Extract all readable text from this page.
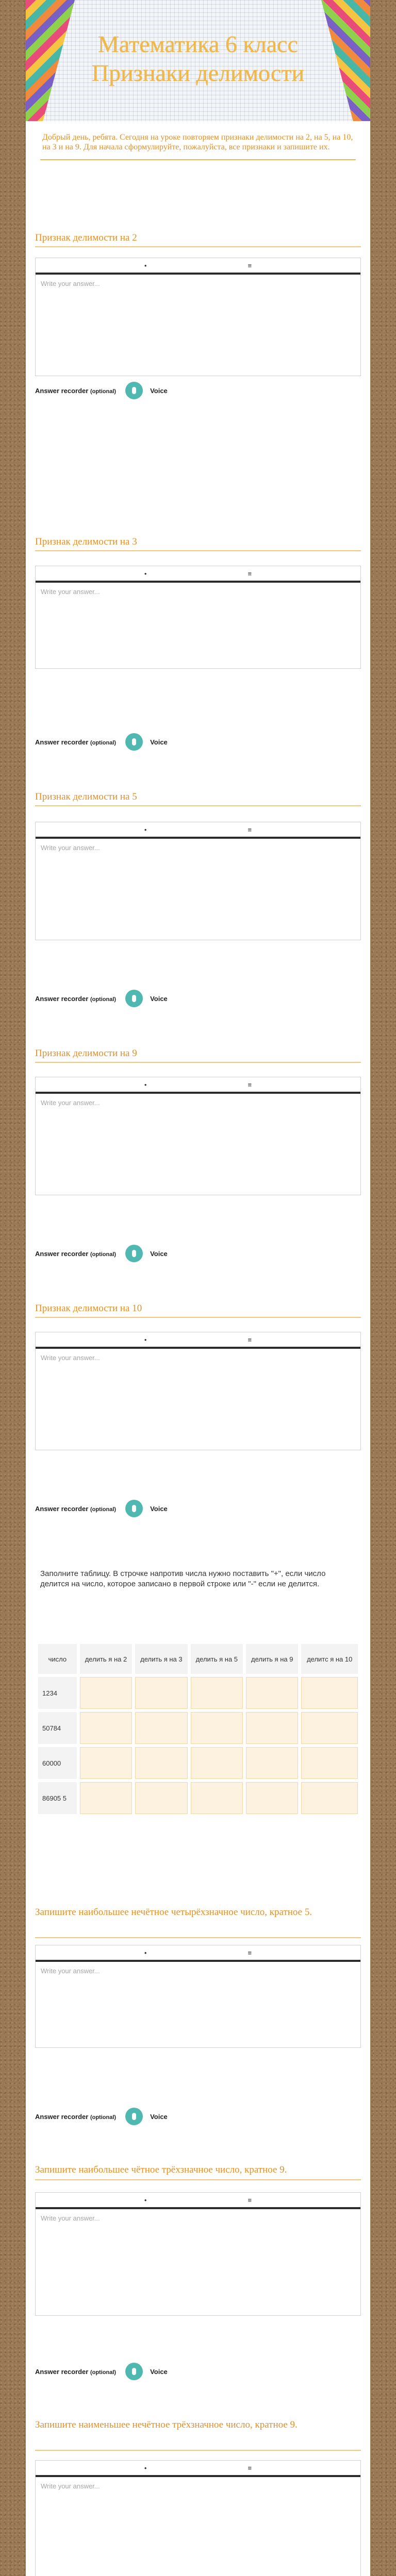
Математика 6 класс
Признаки делимости
Добрый день, ребята. Сегодня на уроке повторяем признаки делимости на 2, на 5, на 10, на 3 и на 9. Для начала сформулируйте, пожалуйста, все признаки и запишите их.
Признак делимости на 2
•	≡
Write your answer...
Answer recorder (optional)	Voice
Признак делимости на 3
•	≡
Write your answer...
Answer recorder (optional)	Voice
Признак делимости на 5
•	≡
Write your answer...
Answer recorder (optional)	Voice
Признак делимости на 9
•	≡
Write your answer...
Answer recorder (optional)	Voice
Признак делимости на 10
•	≡
Write your answer...
Answer recorder (optional)	Voice
Заполните таблицу. В строчке напротив числа нужно поставить "+", если число делится на число, которое записано в первой строке или "-" если не делится.
число	делить я на 2	делить я на 3	делить я на 5	делить я на 9	делитс я на 10
1234					
50784					
60000					
86905 5					
Запишите наибольшее нечётное четырёхзначное число, кратное 5.
•	≡
Write your answer...
Answer recorder (optional)	Voice
Запишите наибольшее чётное трёхзначное число, кратное 9.
•	≡
Write your answer...
Answer recorder (optional)	Voice
Запишите наименьшее нечётное трёхзначное число, кратное 9.
•	≡
Write your answer...
